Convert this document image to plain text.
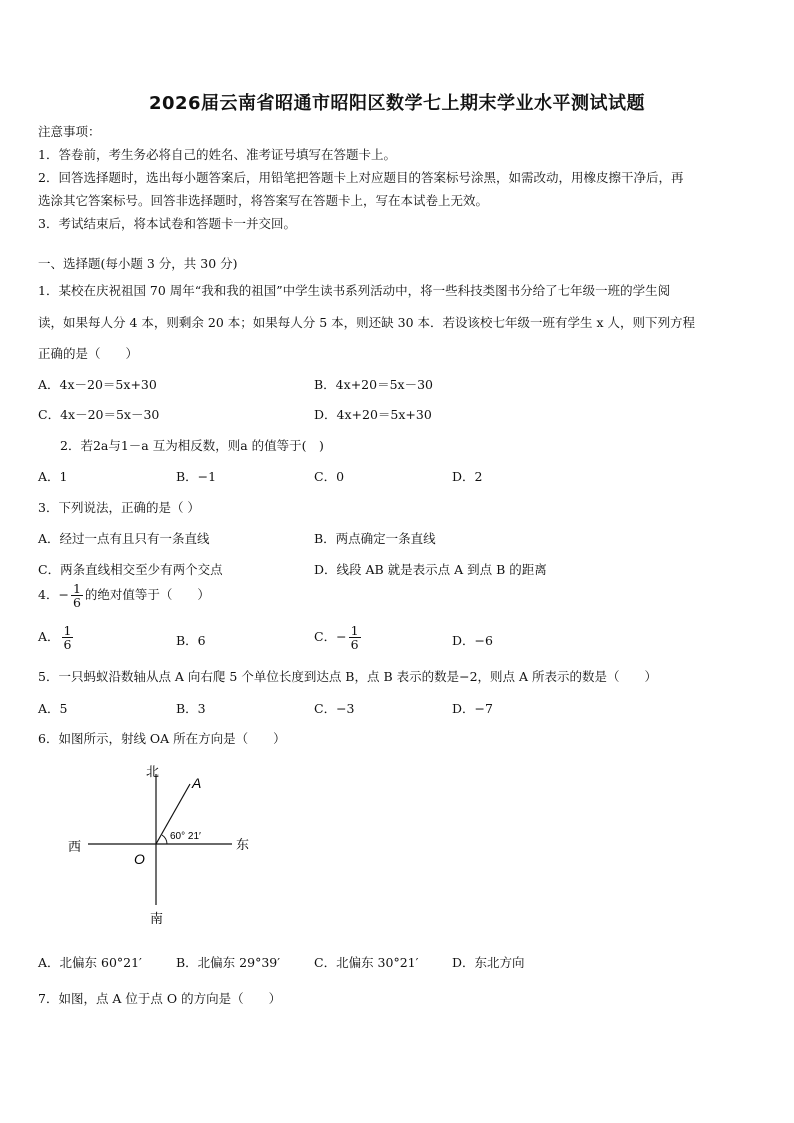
2026届云南省昭通市昭阳区数学七上期末学业水平测试试题
注意事项：
1．答卷前，考生务必将自己的姓名、准考证号填写在答题卡上。
2．回答选择题时，选出每小题答案后，用铅笔把答题卡上对应题目的答案标号涂黑，如需改动，用橡皮擦干净后，再
选涂其它答案标号。回答非选择题时，将答案写在答题卡上，写在本试卷上无效。
3．考试结束后，将本试卷和答题卡一并交回。
一、选择题(每小题 3 分，共 30 分)
1．某校在庆祝祖国 70 周年“我和我的祖国”中学生读书系列活动中，将一些科技类图书分给了七年级一班的学生阅
读，如果每人分 4 本，则剩余 20 本；如果每人分 5 本，则还缺 30 本．若设该校七年级一班有学生 x 人，则下列方程
正确的是（　　）
A．4x－20＝5x+30	B．4x+20＝5x－30
C．4x－20＝5x－30	D．4x+20＝5x+30
2．若2a与1－a 互为相反数，则a 的值等于(　)
A．1	B．−1	C．0	D．2
3．下列说法，正确的是（ ）
A．经过一点有且只有一条直线	B．两点确定一条直线
C．两条直线相交至少有两个交点	D．线段 AB 就是表示点 A 到点 B 的距离
4．− $\frac{1}{6}$ 的绝对值等于（　　）
A． $\frac{1}{6}$	B．6	C．− $\frac{1}{6}$	D．−6
5．一只蚂蚁沿数轴从点 A 向右爬 5 个单位长度到达点 B，点 B 表示的数是−2，则点 A 所表示的数是（　　）
A．5	B．3	C．−3	D．−7
6．如图所示，射线 OA 所在方向是（　　）
北
南
西	东
O
A
60° 21′
A．北偏东 60°21′	B．北偏东 29°39′	C．北偏东 30°21′	D．东北方向
7．如图，点 A 位于点 O 的方向是（　　）
